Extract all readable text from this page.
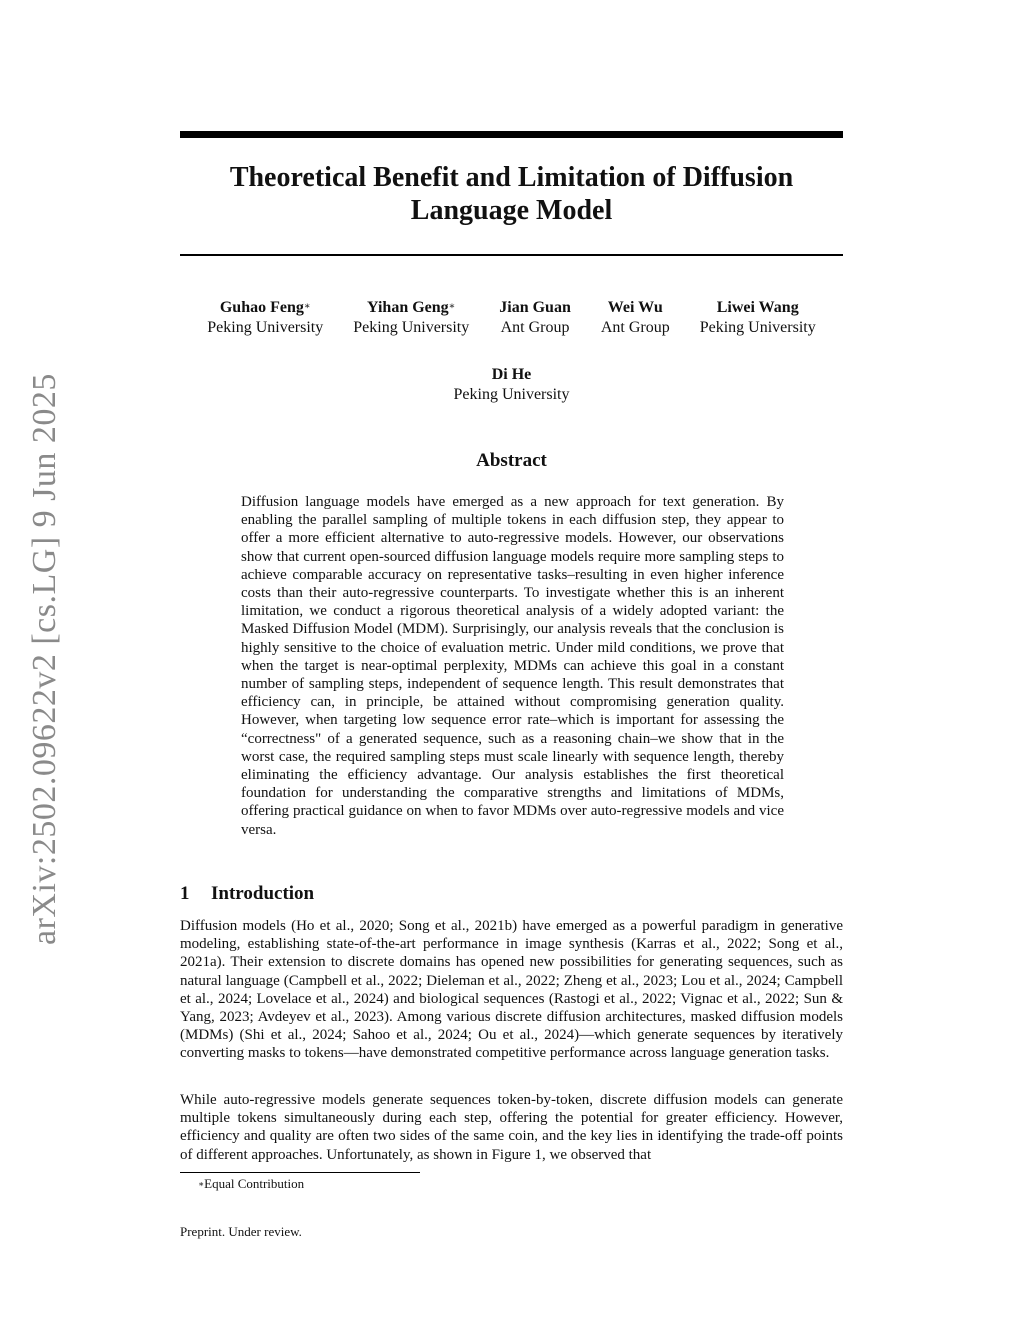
arXiv:2502.09622v2 [cs.LG] 9 Jun 2025
Theoretical Benefit and Limitation of Diffusion
Language Model
Guhao Feng∗
Peking University
Yihan Geng∗
Peking University
Jian Guan
Ant Group
Wei Wu
Ant Group
Liwei Wang
Peking University
Di He
Peking University
Abstract
Diffusion language models have emerged as a new approach for text generation. By enabling the parallel sampling of multiple tokens in each diffusion step, they appear to offer a more efficient alternative to auto-regressive models. However, our observations show that current open-sourced diffusion language models require more sampling steps to achieve comparable accuracy on representative tasks–resulting in even higher inference costs than their auto-regressive counterparts. To investigate whether this is an inherent limitation, we conduct a rigorous theoretical analysis of a widely adopted variant: the Masked Diffusion Model (MDM). Surprisingly, our analysis reveals that the conclusion is highly sensitive to the choice of evaluation metric. Under mild conditions, we prove that when the target is near-optimal perplexity, MDMs can achieve this goal in a constant number of sampling steps, independent of sequence length. This result demonstrates that efficiency can, in principle, be attained without compromising generation quality. However, when targeting low sequence error rate–which is important for assessing the “correctness" of a generated sequence, such as a reasoning chain–we show that in the worst case, the required sampling steps must scale linearly with sequence length, thereby eliminating the efficiency advantage. Our analysis establishes the first theoretical foundation for understanding the comparative strengths and limitations of MDMs, offering practical guidance on when to favor MDMs over auto-regressive models and vice versa.
1 Introduction
Diffusion models (Ho et al., 2020; Song et al., 2021b) have emerged as a powerful paradigm in generative modeling, establishing state-of-the-art performance in image synthesis (Karras et al., 2022; Song et al., 2021a). Their extension to discrete domains has opened new possibilities for generating sequences, such as natural language (Campbell et al., 2022; Dieleman et al., 2022; Zheng et al., 2023; Lou et al., 2024; Campbell et al., 2024; Lovelace et al., 2024) and biological sequences (Rastogi et al., 2022; Vignac et al., 2022; Sun & Yang, 2023; Avdeyev et al., 2023). Among various discrete diffusion architectures, masked diffusion models (MDMs) (Shi et al., 2024; Sahoo et al., 2024; Ou et al., 2024)—which generate sequences by iteratively converting masks to tokens—have demonstrated competitive performance across language generation tasks.
While auto-regressive models generate sequences token-by-token, discrete diffusion models can generate multiple tokens simultaneously during each step, offering the potential for greater efficiency. However, efficiency and quality are often two sides of the same coin, and the key lies in identifying the trade-off points of different approaches. Unfortunately, as shown in Figure 1, we observed that
∗Equal Contribution
Preprint. Under review.
